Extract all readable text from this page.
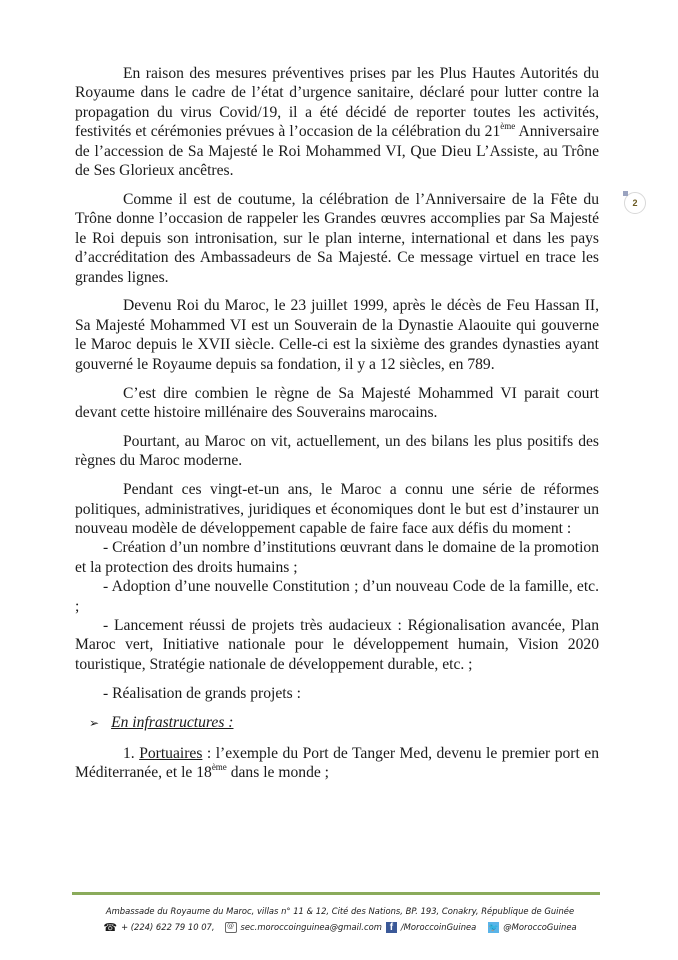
2

En raison des mesures préventives prises par les Plus Hautes Autorités du Royaume dans le cadre de l’état d’urgence sanitaire, déclaré pour lutter contre la propagation du virus Covid/19, il a été décidé de reporter toutes les activités, festivités et cérémonies prévues à l’occasion de la célébration du 21ème Anniversaire de l’accession de Sa Majesté le Roi Mohammed VI, Que Dieu L’Assiste, au Trône de Ses Glorieux ancêtres.

Comme il est de coutume, la célébration de l’Anniversaire de la Fête du Trône donne l’occasion de rappeler les Grandes œuvres accomplies par Sa Majesté le Roi depuis son intronisation, sur le plan interne, international et dans les pays d’accréditation des Ambassadeurs de Sa Majesté. Ce message virtuel en trace les grandes lignes.

Devenu Roi du Maroc, le 23 juillet 1999, après le décès de Feu Hassan II, Sa Majesté Mohammed VI est un Souverain de la Dynastie Alaouite qui gouverne le Maroc depuis le XVII siècle. Celle-ci est la sixième des grandes dynasties ayant gouverné le Royaume depuis sa fondation, il y a 12 siècles, en 789.

C’est dire combien le règne de Sa Majesté Mohammed VI parait court devant cette histoire millénaire des Souverains marocains.

Pourtant, au Maroc on vit, actuellement, un des bilans les plus positifs des règnes du Maroc moderne.

Pendant ces vingt-et-un ans, le Maroc a connu une série de réformes politiques, administratives, juridiques et économiques dont le but est d’instaurer un nouveau modèle de développement capable de faire face aux défis du moment :

- Création d’un nombre d’institutions œuvrant dans le domaine de la promotion et la protection des droits humains ;

- Adoption d’une nouvelle Constitution ; d’un nouveau Code de la famille, etc. ;

- Lancement réussi de projets très audacieux : Régionalisation avancée, Plan Maroc vert, Initiative nationale pour le développement humain, Vision 2020 touristique, Stratégie nationale de développement durable, etc. ;

- Réalisation de grands projets :

➢ En infrastructures :

1. Portuaires : l’exemple du Port de Tanger Med, devenu le premier port en Méditerranée, et le 18ème dans le monde ;

Ambassade du Royaume du Maroc, villas n° 11 & 12, Cité des Nations, BP. 193, Conakry, République de Guinée
☎ + (224) 622 79 10 07,	@ sec.moroccoinguinea@gmail.com f /MoroccoinGuinea 🐦 @MoroccoGuinea
